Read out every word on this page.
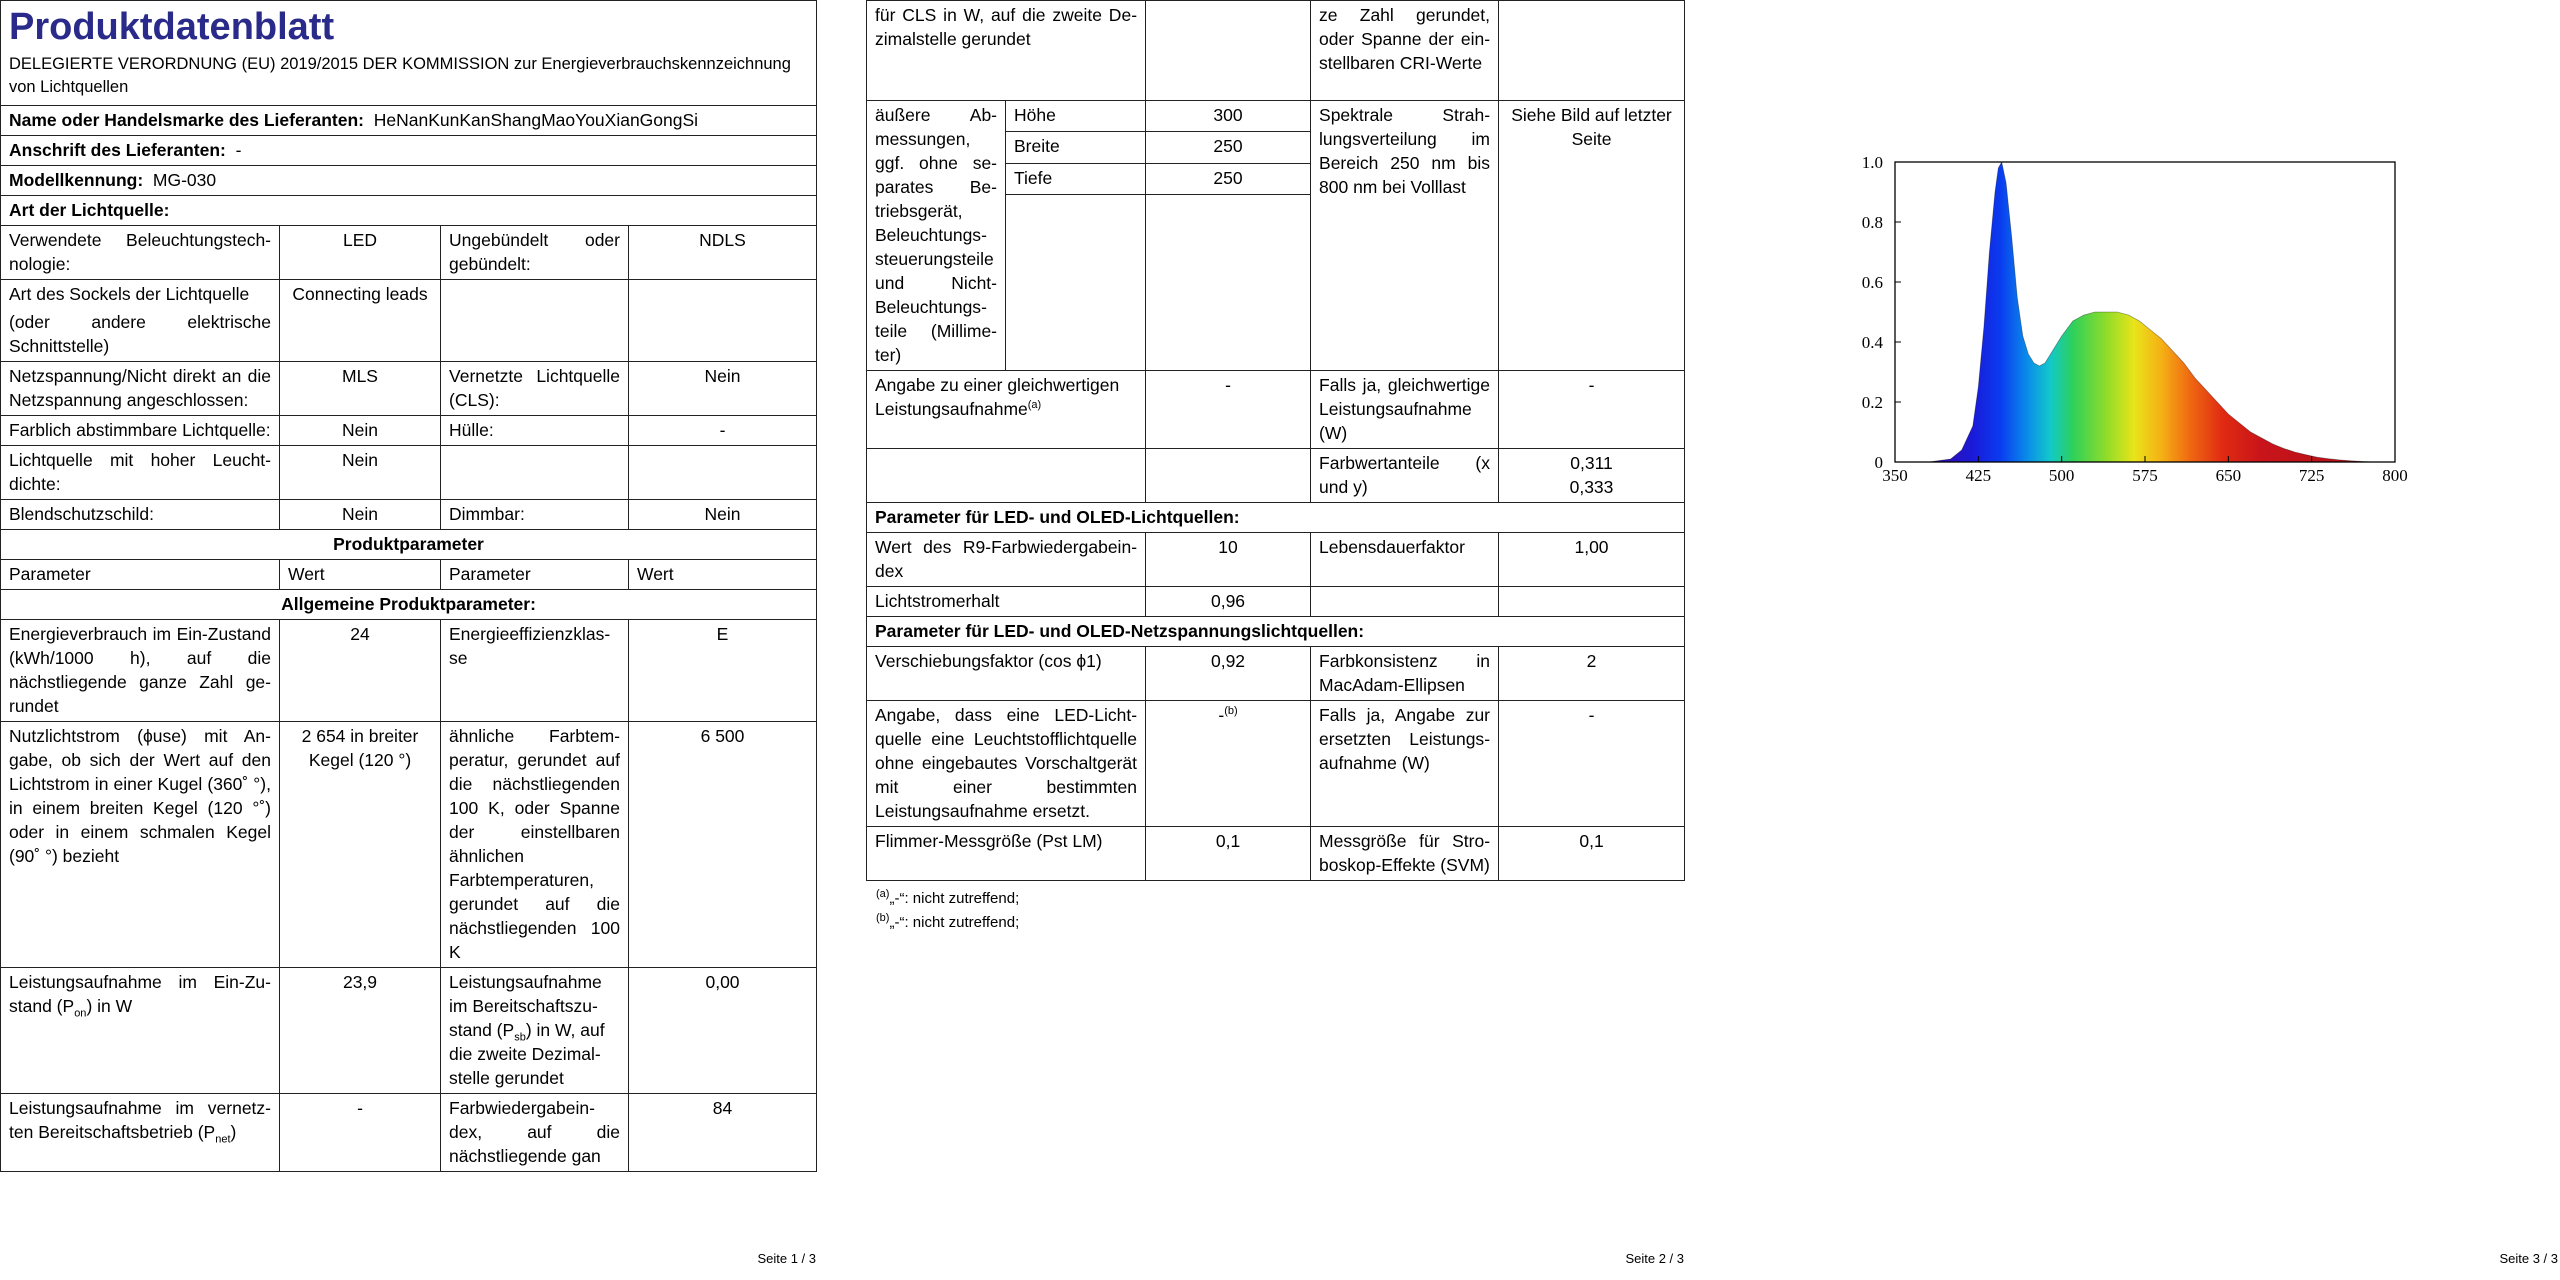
Produktdatenblatt
DELEGIERTE VERORDNUNG (EU) 2019/2015 DER KOMMISSION zur Energieverbrauchskennzeichnung von Lichtquellen			

Name oder Handelsmarke des Lieferanten: HeNanKunKanShangMaoYouXianGongSi			
Anschrift des Lieferanten: -			
Modellkennung: MG-030			
Art der Lichtquelle:			
Verwendete Beleuchtungstechnologie:	LED	Ungebündelt oder gebündelt:	NDLS

Art des Sockels der Lichtquelle
(oder andere elektrische Schnittstelle)	Connecting leads		
Netzspannung/Nicht direkt an die Netzspannung angeschlossen:	MLS	Vernetzte Lichtquelle (CLS):	Nein
Farblich abstimmbare Lichtquelle:	Nein	Hülle:	-
Lichtquelle mit hoher Leuchtdichte:	Nein		
Blendschutzschild:	Nein	Dimmbar:	Nein
Produktparameter			
Parameter	Wert	Parameter	Wert
Allgemeine Produktparameter:			
Energieverbrauch im Ein-Zustand (kWh/1000 h), auf die nächstliegende ganze Zahl gerundet	24	Energieeffizienzklasse	E
Nutzlichtstrom (ϕuse) mit Angabe, ob sich der Wert auf den Lichtstrom in einer Kugel (360˚ °), in einem breiten Kegel (120 °˚) oder in einem schmalen Kegel (90˚ °) bezieht	2 654 in breiter Kegel (120 °)	ähnliche Farbtemperatur, gerundet auf die nächstliegenden 100 K, oder Spanne der einstellbaren ähnlichen Farbtemperaturen, gerundet auf die nächstliegenden 100 K	6 500
Leistungsaufnahme im Ein-Zustand $(P_{on})$ in W	23,9	Leistungsaufnahme im Bereitschaftszustand $(P_{sb})$ in W, auf die zweite Dezimalstelle gerundet	0,00
Leistungsaufnahme im vernetzten Bereitschaftsbetrieb $(P_{net})$	-	Farbwiedergabeindex, auf die nächstliegende gan	84
Seite 1 / 3
für CLS in W, auf die zweite Dezimalstelle gerundet			ze Zahl gerundet, oder Spanne der einstellbaren CRI-Werte	
äußere Abmessungen, ggf. ohne separates Betriebsgerät, Beleuchtungssteuerungsteile und Nicht-Beleuchtungsteile (Millimeter)	Höhe	300	Spektrale Strahlungsverteilung im Bereich 250 nm bis 800 nm bei Volllast	Siehe Bild auf letzter Seite
	Breite	250		
	Tiefe	250		

Angabe zu einer gleichwertigen Leistungsaufnahme$^{(a)}$		-	Falls ja, gleichwertige Leistungsaufnahme (W)	-
			Farbwertanteile (x und y)	0,311
0,333

Parameter für LED- und OLED-Lichtquellen:				
Wert des R9-Farbwiedergabeindex		10	Lebensdauerfaktor	1,00
Lichtstromerhalt		0,96		
Parameter für LED- und OLED-Netzspannungslichtquellen:				
Verschiebungsfaktor (cos ϕ1)		0,92	Farbkonsistenz in MacAdam-Ellipsen	2
Angabe, dass eine LED-Lichtquelle eine Leuchtstofflichtquelle ohne eingebautes Vorschaltgerät mit einer bestimmten Leistungsaufnahme ersetzt.		-$^{(b)}$	Falls ja, Angabe zur ersetzten Leistungsaufnahme (W)	-
Flimmer-Messgröße (Pst LM)		0,1	Messgröße für Stroboskop-Effekte (SVM)	0,1
$^{(a)}$„-“: nicht zutreffend;
$^{(b)}$„-“: nicht zutreffend;
Seite 2 / 3
350	425	500	575	650	725	800
0
0.2
0.4
0.6
0.8
1.0
Seite 3 / 3
